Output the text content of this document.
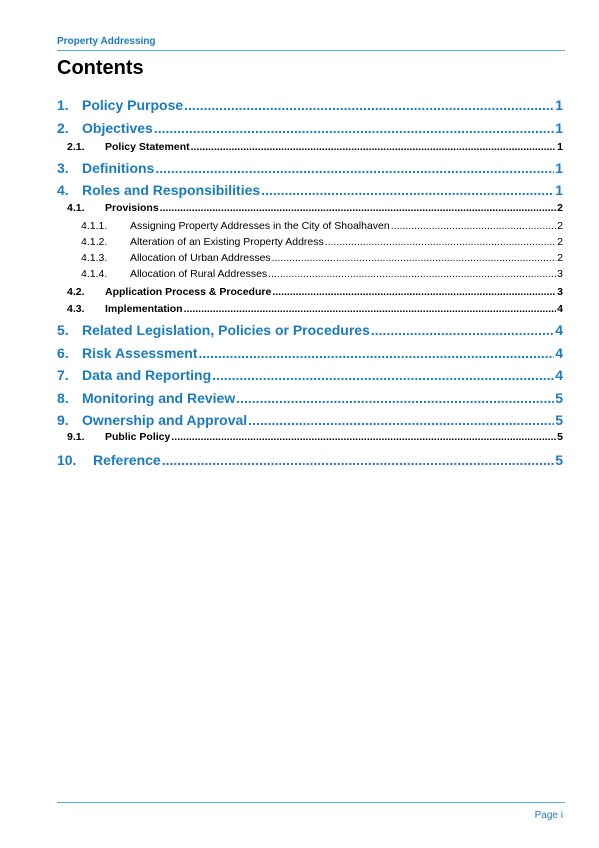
Property Addressing
Contents
1. Policy Purpose .....	1
2. Objectives .....	1
2.1.	Policy Statement .....	1
3. Definitions .....	1
4. Roles and Responsibilities .....	1
4.1.	Provisions .....	2
4.1.1.	Assigning Property Addresses in the City of Shoalhaven .....	2
4.1.2.	Alteration of an Existing Property Address .....	2
4.1.3.	Allocation of Urban Addresses .....	2
4.1.4.	Allocation of Rural Addresses .....	3
4.2.	Application Process & Procedure .....	3
4.3.	Implementation .....	4
5. Related Legislation, Policies or Procedures .....	4
6. Risk Assessment .....	4
7. Data and Reporting .....	4
8. Monitoring and Review .....	5
9. Ownership and Approval .....	5
9.1.	Public Policy .....	5
10.	Reference .....	5
Page i
